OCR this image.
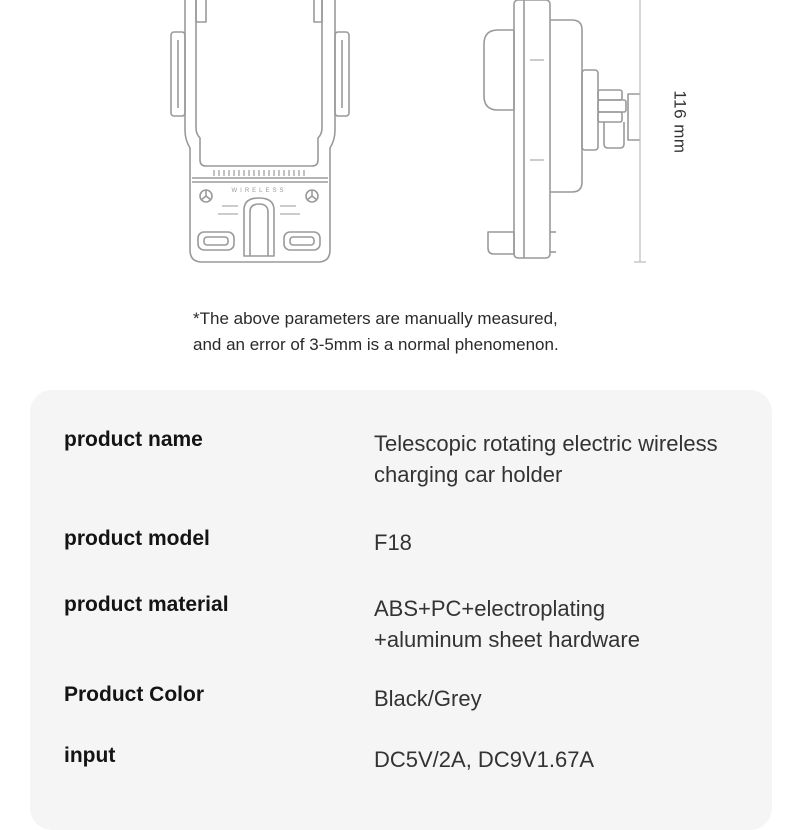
WIRELESS
116 mm
*The above parameters are manually measured,
and an error of 3-5mm is a normal phenomenon.
product name	Telescopic rotating electric wireless
charging car holder
product model	F18
product material	ABS+PC+electroplating
+aluminum sheet hardware
Product Color	Black/Grey
input	DC5V/2A, DC9V1.67A
